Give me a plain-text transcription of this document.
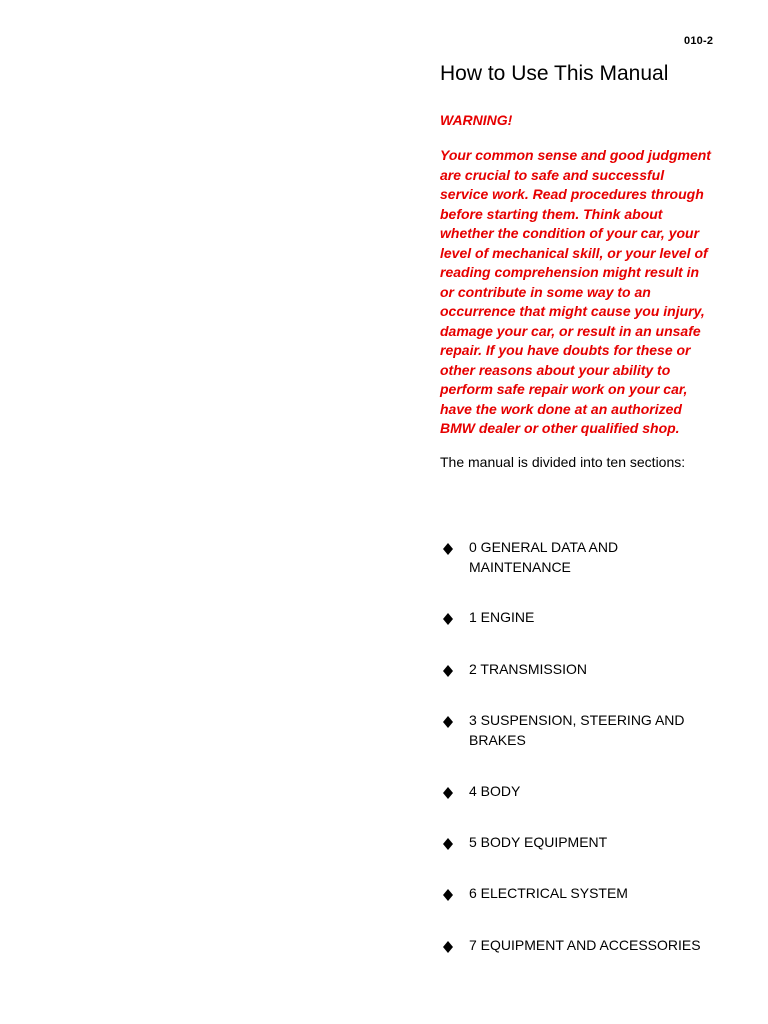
010-2
How to Use This Manual
WARNING!
Your common sense and good judgment are crucial to safe and successful service work. Read procedures through before starting them. Think about whether the condition of your car, your level of mechanical skill, or your level of reading comprehension might result in or contribute in some way to an occurrence that might cause you injury, damage your car, or result in an unsafe repair. If you have doubts for these or other reasons about your ability to perform safe repair work on your car, have the work done at an authorized BMW dealer or other qualified shop.
The manual is divided into ten sections:
0 GENERAL DATA AND MAINTENANCE
1 ENGINE
2 TRANSMISSION
3 SUSPENSION, STEERING AND BRAKES
4 BODY
5 BODY EQUIPMENT
6 ELECTRICAL SYSTEM
7 EQUIPMENT AND ACCESSORIES
